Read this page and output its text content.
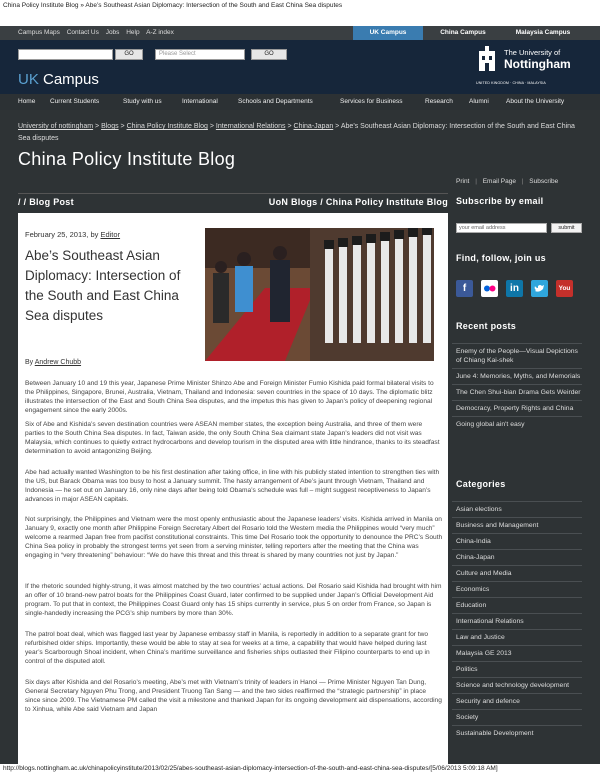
China Policy Institute Blog » Abe’s Southeast Asian Diplomacy: Intersection of the South and East China Sea disputes
Campus Maps Contact Us Jobs Help A-Z index	UK Campus	China Campus	Malaysia Campus
GO	Please Select	GO
UK Campus
The University of
Nottingham
UNITED KINGDOM · CHINA · MALAYSIA
Home Current Students	Study with us	International	Schools and Departments	Services for Business	Research Alumni	About the University
University of nottingham > Blogs > China Policy Institute Blog > International Relations > China-Japan > Abe’s Southeast Asian Diplomacy: Intersection of the South and East China Sea disputes
China Policy Institute Blog
Print | Email Page | Subscribe
/ / Blog Post	UoN Blogs / China Policy Institute Blog
February 25, 2013, by Editor
Abe’s Southeast Asian Diplomacy: Intersection of the South and East China Sea disputes
By Andrew Chubb

Between January 10 and 19 this year, Japanese Prime Minister Shinzo Abe and Foreign Minister Fumio Kishida paid formal bilateral visits to the Philippines, Singapore, Brunei, Australia, Vietnam, Thailand and Indonesia: seven countries in the space of 10 days. The diplomatic blitz illustrates the intersection of the East and South China Sea disputes, and the impetus this has given to Japan’s policy of deepening regional engagement since the early 2000s.

Six of Abe and Kishida’s seven destination countries were ASEAN member states, the exception being Australia, and three of them were parties to the South China Sea disputes. In fact, Taiwan aside, the only South China Sea claimant state Japan’s leaders did not visit was Malaysia, which continues to quietly extract hydrocarbons and develop tourism in the disputed area with little hindrance, thanks to its steadfast determination to avoid antagonizing Beijing.

Abe had actually wanted Washington to be his first destination after taking office, in line with his publicly stated intention to strengthen ties with the US, but Barack Obama was too busy to host a January summit. The hasty arrangement of Abe’s jaunt through Vietnam, Thailand and Indonesia — he set out on January 16, only nine days after being told Obama’s schedule was full – might suggest receptiveness to Japan’s advances in major ASEAN capitals.

Not surprisingly, the Philippines and Vietnam were the most openly enthusiastic about the Japanese leaders’ visits. Kishida arrived in Manila on January 9, exactly one month after Philippine Foreign Secretary Albert del Rosario told the Western media the Philippines would “very much” welcome a rearmed Japan free from pacifist constitutional constraints. This time Del Rosario took the opportunity to denounce the PRC’s South China Sea policy in probably the strongest terms yet seen from a serving minister, telling reporters after the meeting that the China was engaging in “very threatening” behaviour: “We do have this threat and this threat is shared by many countries not just by Japan.”

If the rhetoric sounded highly-strung, it was almost matched by the two countries’ actual actions. Del Rosario said Kishida had brought with him an offer of 10 brand-new patrol boats for the Philippines Coast Guard, later confirmed to be supplied under Japan’s Official Development Aid program. To put that in context, the Philippines Coast Guard only has 15 ships currently in service, plus 5 on order from France, so Japan is single-handedly increasing the PCG’s ship numbers by more than 30%.

The patrol boat deal, which was flagged last year by Japanese embassy staff in Manila, is reportedly in addition to a separate grant for two refurbished older ships. Importantly, these would be able to stay at sea for weeks at a time, a capability that would have helped during last year’s Scarborough Shoal incident, when China’s maritime surveillance and fisheries ships outlasted their Filipino counterparts to end up in control of the disputed atoll.

Six days after Kishida and del Rosario’s meeting, Abe’s met with Vietnam’s trinity of leaders in Hanoi — Prime Minister Nguyen Tan Dung, General Secretary Nguyen Phu Trong, and President Truong Tan Sang — and the two sides reaffirmed the “strategic partnership” in place since since 2009. The Vietnamese PM called the visit a milestone and thanked Japan for its ongoing development aid dispensations, according to Xinhua, while Abe said Vietnam and Japan

Subscribe by email
your email address	submit
Find, follow, join us
f	in	You
Recent posts
Enemy of the People—Visual Depictions of Chiang Kai-shek
June 4: Memories, Myths, and Memorials
The Chen Shui-bian Drama Gets Weirder
Democracy, Property Rights and China
Going global ain't easy
Categories
Asian elections
Business and Management
China-India
China-Japan
Culture and Media
Economics
Education
International Relations
Law and Justice
Malaysia GE 2013
Politics
Science and technology development
Security and defence
Society
Sustainable Development
http://blogs.nottingham.ac.uk/chinapolicyinstitute/2013/02/25/abes-southeast-asian-diplomacy-intersection-of-the-south-and-east-china-sea-disputes/[5/06/2013 5:09:18 AM]
